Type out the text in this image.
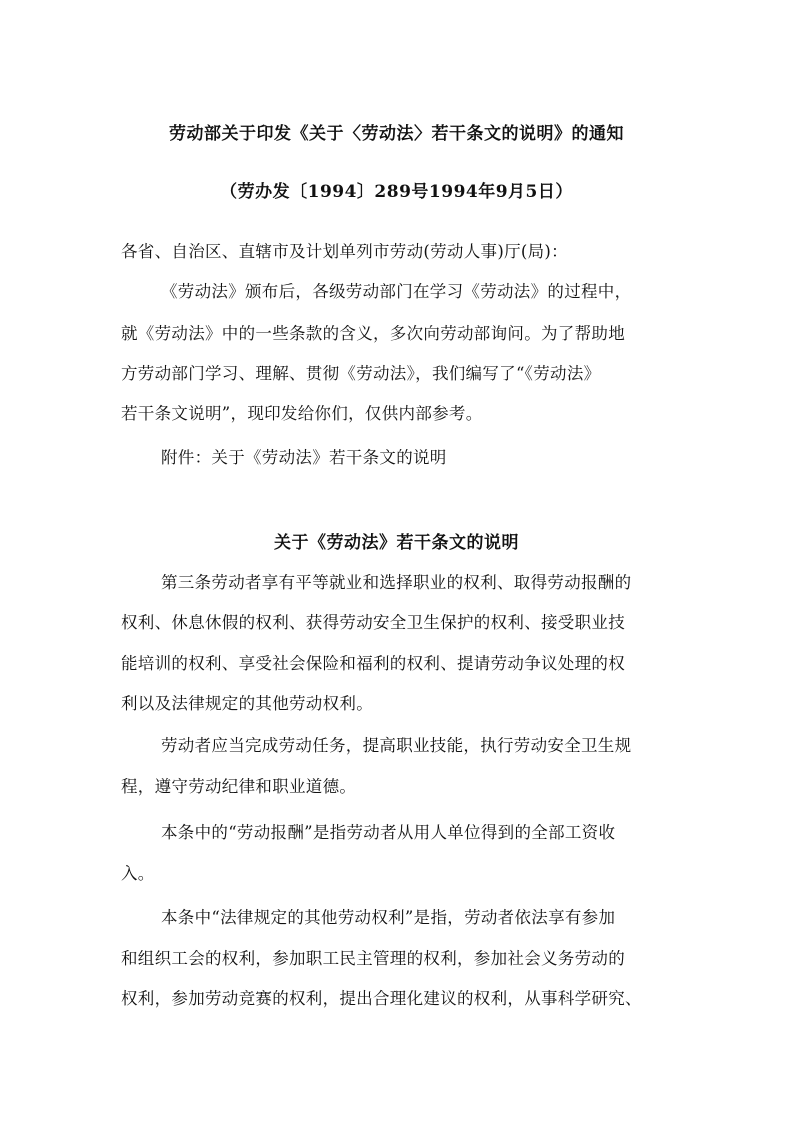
劳动部关于印发《关于〈劳动法〉若干条文的说明》的通知
（劳办发〔1994〕289号1994年9月5日）
各省、自治区、直辖市及计划单列市劳动(劳动人事)厅(局)：
《劳动法》颁布后，各级劳动部门在学习《劳动法》的过程中，
就《劳动法》中的一些条款的含义，多次向劳动部询问。为了帮助地
方劳动部门学习、理解、贯彻《劳动法》，我们编写了“《劳动法》
若干条文说明”，现印发给你们，仅供内部参考。
附件：关于《劳动法》若干条文的说明
关于《劳动法》若干条文的说明
第三条劳动者享有平等就业和选择职业的权利、取得劳动报酬的
权利、休息休假的权利、获得劳动安全卫生保护的权利、接受职业技
能培训的权利、享受社会保险和福利的权利、提请劳动争议处理的权
利以及法律规定的其他劳动权利。
劳动者应当完成劳动任务，提高职业技能，执行劳动安全卫生规
程，遵守劳动纪律和职业道德。
本条中的“劳动报酬”是指劳动者从用人单位得到的全部工资收
入。
本条中“法律规定的其他劳动权利”是指，劳动者依法享有参加
和组织工会的权利，参加职工民主管理的权利，参加社会义务劳动的
权利，参加劳动竞赛的权利，提出合理化建议的权利，从事科学研究、
